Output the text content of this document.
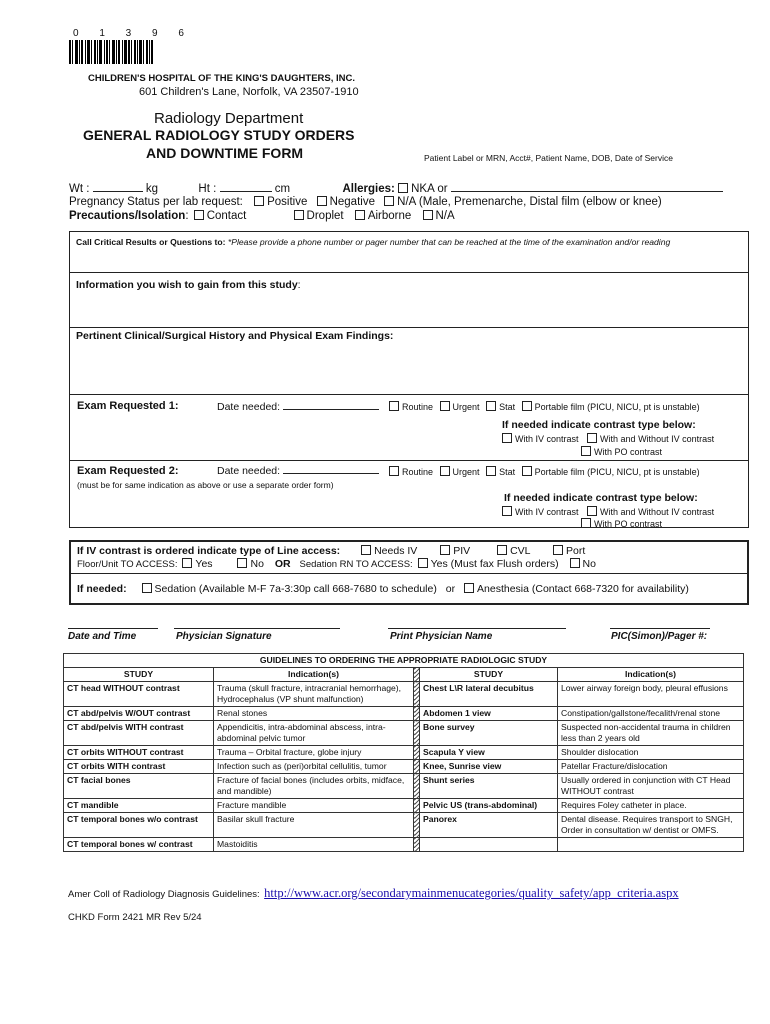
0 1 3 9 6
CHILDREN'S HOSPITAL OF THE KING'S DAUGHTERS, INC.
601 Children's Lane, Norfolk, VA 23507-1910
Radiology Department
GENERAL RADIOLOGY STUDY ORDERS
AND DOWNTIME FORM	Patient Label or MRN, Acct#, Patient Name, DOB, Date of Service
Wt :	kg	Ht :	cm	Allergies: NKA or
Pregnancy Status per lab request: Positive Negative N/A (Male, Premenarche, Distal film (elbow or knee)
Precautions/Isolation: Contact	Droplet Airborne N/A
Call Critical Results or Questions to: *Please provide a phone number or pager number that can be reached at the time of the examination and/or reading
Information you wish to gain from this study:
Pertinent Clinical/Surgical History and Physical Exam Findings:
Exam Requested 1:	Date needed:	Routine Urgent Stat Portable film (PICU, NICU, pt is unstable)
If needed indicate contrast type below:
With IV contrast With and Without IV contrast
With PO contrast
Exam Requested 2:	Date needed:
(must be for same indication as above or use a separate order form)
Routine Urgent Stat Portable film (PICU, NICU, pt is unstable)
If needed indicate contrast type below:
With IV contrast With and Without IV contrast
With PO contrast
If IV contrast is ordered indicate type of Line access:	Needs IV	PIV	CVL	Port
Floor/Unit TO ACCESS: Yes	No OR Sedation RN TO ACCESS: Yes (Must fax Flush orders) No
If needed:	Sedation (Available M-F 7a-3:30p call 668-7680 to schedule) or Anesthesia (Contact 668-7320 for availability)
Date and Time	Physician Signature	Print Physician Name	PIC(Simon)/Pager #:
GUIDELINES TO ORDERING THE APPROPRIATE RADIOLOGIC STUDY				
STUDY	Indication(s)		STUDY	Indication(s)
CT head WITHOUT contrast	Trauma (skull fracture, intracranial hemorrhage), Hydrocephalus (VP shunt malfunction)		Chest L\R lateral decubitus	Lower airway foreign body, pleural effusions
CT abd/pelvis W/OUT contrast	Renal stones		Abdomen 1 view	Constipation/gallstone/fecalith/renal stone
CT abd/pelvis WITH contrast	Appendicitis, intra-abdominal abscess, intra-abdominal pelvic tumor		Bone survey	Suspected non-accidental trauma in children less than 2 years old
CT orbits WITHOUT contrast	Trauma – Orbital fracture, globe injury		Scapula Y view	Shoulder dislocation
CT orbits WITH contrast	Infection such as (peri)orbital cellulitis, tumor		Knee, Sunrise view	Patellar Fracture/dislocation
CT facial bones	Fracture of facial bones (includes orbits, midface, and mandible)		Shunt series	Usually ordered in conjunction with CT Head WITHOUT contrast
CT mandible	Fracture mandible		Pelvic US (trans-abdominal)	Requires Foley catheter in place.
CT temporal bones w/o contrast	Basilar skull fracture		Panorex	Dental disease. Requires transport to SNGH, Order in consultation w/ dentist or OMFS.
CT temporal bones w/ contrast	Mastoiditis			
Amer Coll of Radiology Diagnosis Guidelines: http://www.acr.org/secondarymainmenucategories/quality_safety/app_criteria.aspx
CHKD Form 2421 MR Rev 5/24
